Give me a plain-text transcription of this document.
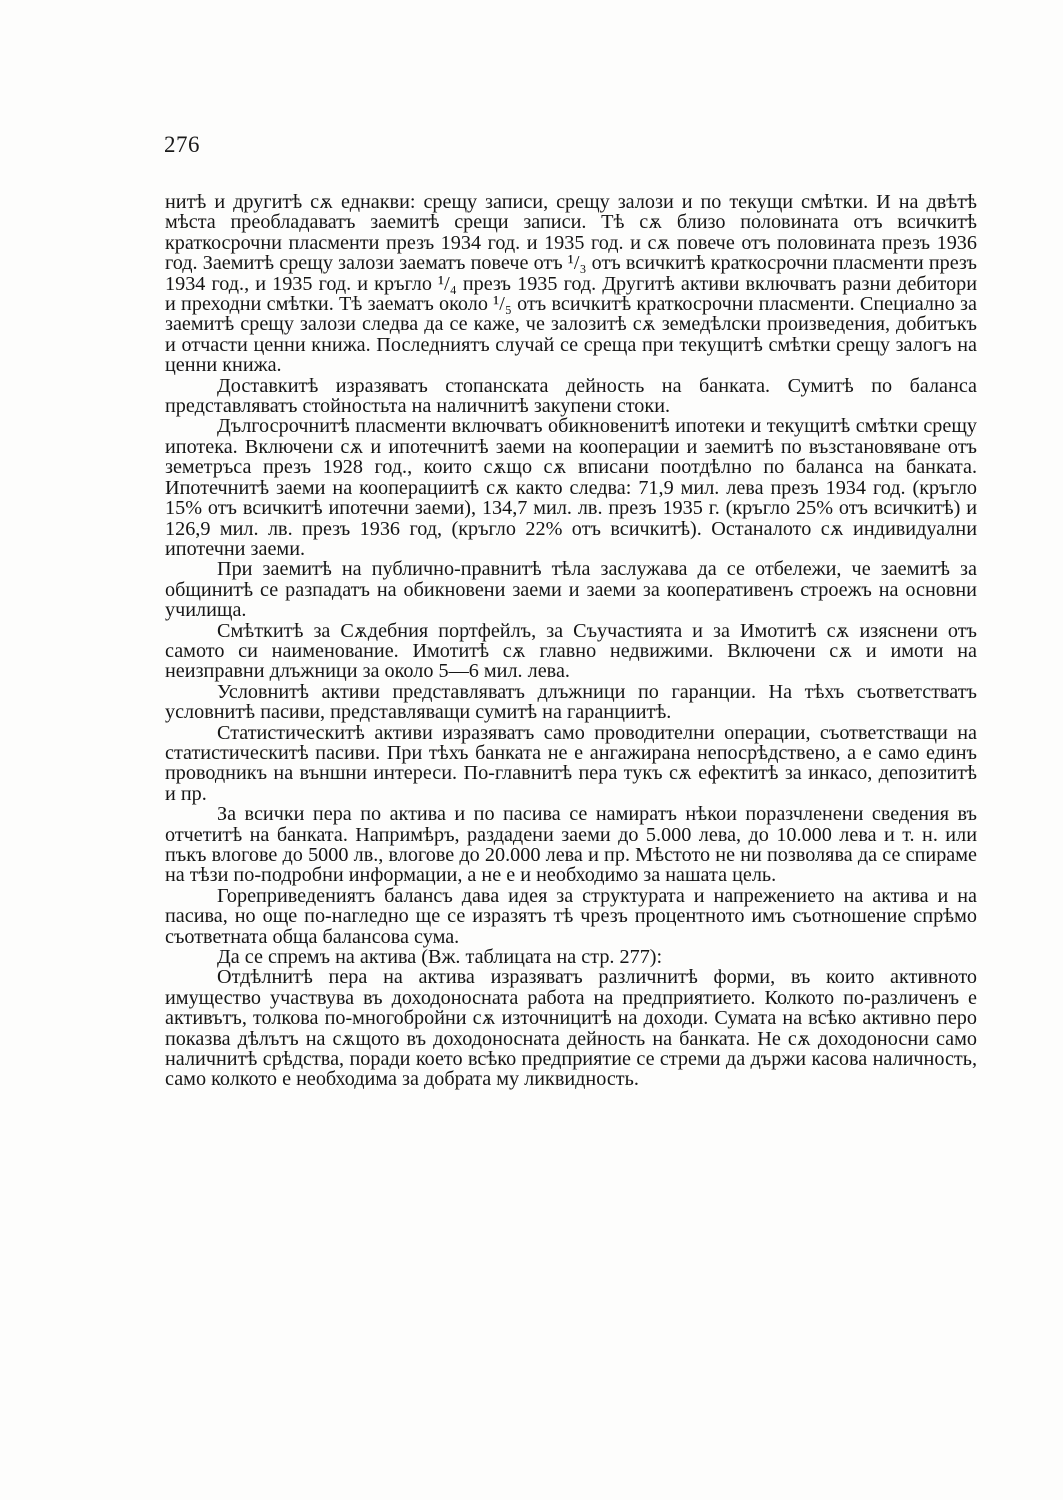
276

нитѣ и другитѣ сѫ еднакви: срещу записи, срещу залози и по текущи смѣтки. И на двѣтѣ мѣста преобладаватъ заемитѣ срещи записи. Тѣ сѫ близо половината отъ всичкитѣ краткосрочни пласменти презъ 1934 год. и 1935 год. и сѫ повече отъ половината презъ 1936 год. Заемитѣ срещу залози заематъ повече отъ ¹/₃ отъ всичкитѣ краткосрочни пласменти презъ 1934 год., и 1935 год. и кръгло ¹/₄ презъ 1935 год. Другитѣ активи включватъ разни дебитори и преходни смѣтки. Тѣ заематъ около ¹/₅ отъ всичкитѣ краткосрочни пласменти. Специално за заемитѣ срещу залози следва да се каже, че залозитѣ сѫ земедѣлски произведения, добитъкъ и отчасти ценни книжа. Последниятъ случай се среща при текущитѣ смѣтки срещу залогъ на ценни книжа.

Доставкитѣ изразяватъ стопанската дейность на банката. Сумитѣ по баланса представляватъ стойностьта на наличнитѣ закупени стоки.

Дългосрочнитѣ пласменти включватъ обикновенитѣ ипотеки и текущитѣ смѣтки срещу ипотека. Включени сѫ и ипотечнитѣ заеми на кооперации и заемитѣ по възстановяване отъ земетръса презъ 1928 год., които сѫщо сѫ вписани поотдѣлно по баланса на банката. Ипотечнитѣ заеми на кооперациитѣ сѫ както следва: 71,9 мил. лева презъ 1934 год. (кръгло 15% отъ всичкитѣ ипотечни заеми), 134,7 мил. лв. презъ 1935 г. (кръгло 25% отъ всичкитѣ) и 126,9 мил. лв. презъ 1936 год, (кръгло 22% отъ всичкитѣ). Останалото сѫ индивидуални ипотечни заеми.

При заемитѣ на публично-правнитѣ тѣла заслужава да се отбележи, че заемитѣ за общинитѣ се разпадатъ на обикновени заеми и заеми за кооперативенъ строежъ на основни училища.

Смѣткитѣ за Сѫдебния портфейлъ, за Съучастията и за Имотитѣ сѫ изяснени отъ самото си наименование. Имотитѣ сѫ главно недвижими. Включени сѫ и имоти на неизправни длъжници за около 5—6 мил. лева.

Условнитѣ активи представляватъ длъжници по гаранции. На тѣхъ съответстватъ условнитѣ пасиви, представляващи сумитѣ на гаранциитѣ.

Статистическитѣ активи изразяватъ само проводителни операции, съответстващи на статистическитѣ пасиви. При тѣхъ банката не е ангажирана непосрѣдствено, а е само единъ проводникъ на външни интереси. По-главнитѣ пера тукъ сѫ ефектитѣ за инкасо, депозититѣ и пр.

За всички пера по актива и по пасива се намиратъ нѣкои поразчленени сведения въ отчетитѣ на банката. Напримѣръ, раздадени заеми до 5.000 лева, до 10.000 лева и т. н. или пъкъ влогове до 5000 лв., влогове до 20.000 лева и пр. Мѣстото не ни позволява да се спираме на тѣзи по-подробни информации, а не е и необходимо за нашата цель.

Гореприведениятъ балансъ дава идея за структурата и напрежението на актива и на пасива, но още по-нагледно ще се изразятъ тѣ чрезъ процентното имъ съотношение спрѣмо съответната обща балансова сума.

Да се спремъ на актива (Вж. таблицата на стр. 277):

Отдѣлнитѣ пера на актива изразяватъ различнитѣ форми, въ които активното имущество участвува въ доходоносната работа на предприятието. Колкото по-различенъ е активътъ, толкова по-многобройни сѫ източницитѣ на доходи. Сумата на всѣко активно перо показва дѣлътъ на сѫщото въ доходоносната дейность на банката. Не сѫ доходоносни само наличнитѣ срѣдства, поради което всѣко предприятие се стреми да държи касова наличность, само колкото е необходима за добрата му ликвидность.
